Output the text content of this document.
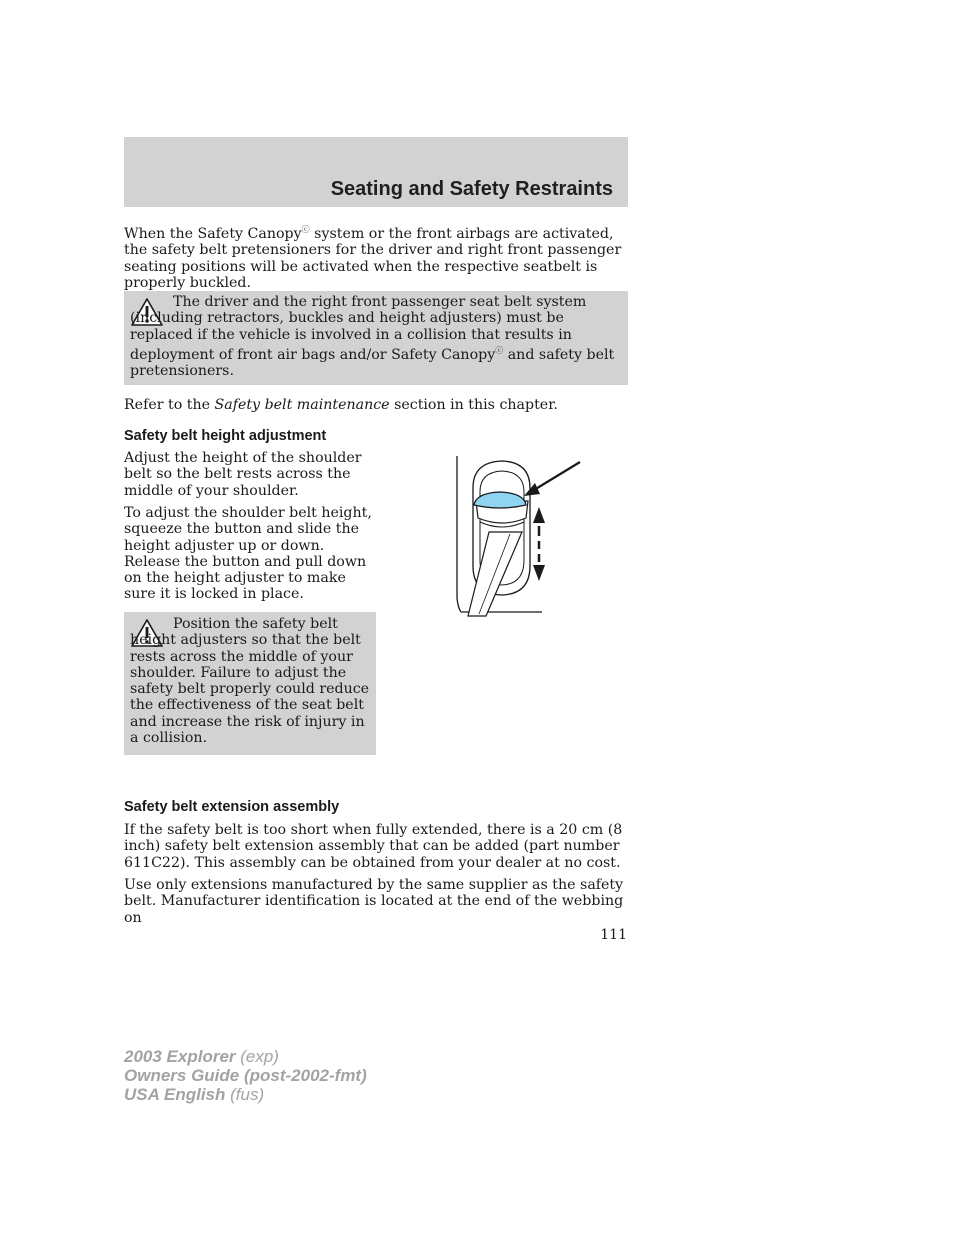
Seating and Safety Restraints

When the Safety Canopyⓒ system or the front airbags are activated, the safety belt pretensioners for the driver and right front passenger seating positions will be activated when the respective seatbelt is properly buckled.

The driver and the right front passenger seat belt system (including retractors, buckles and height adjusters) must be replaced if the vehicle is involved in a collision that results in deployment of front air bags and/or Safety Canopyⓒ and safety belt pretensioners.

Refer to the Safety belt maintenance section in this chapter.

Safety belt height adjustment

Adjust the height of the shoulder belt so the belt rests across the middle of your shoulder.

To adjust the shoulder belt height, squeeze the button and slide the height adjuster up or down. Release the button and pull down on the height adjuster to make sure it is locked in place.

Position the safety belt height adjusters so that the belt rests across the middle of your shoulder. Failure to adjust the safety belt properly could reduce the effectiveness of the seat belt and increase the risk of injury in a collision.

Safety belt extension assembly

If the safety belt is too short when fully extended, there is a 20 cm (8 inch) safety belt extension assembly that can be added (part number 611C22). This assembly can be obtained from your dealer at no cost.

Use only extensions manufactured by the same supplier as the safety belt. Manufacturer identification is located at the end of the webbing on

111
2003 Explorer (exp)
Owners Guide (post-2002-fmt)
USA English (fus)
